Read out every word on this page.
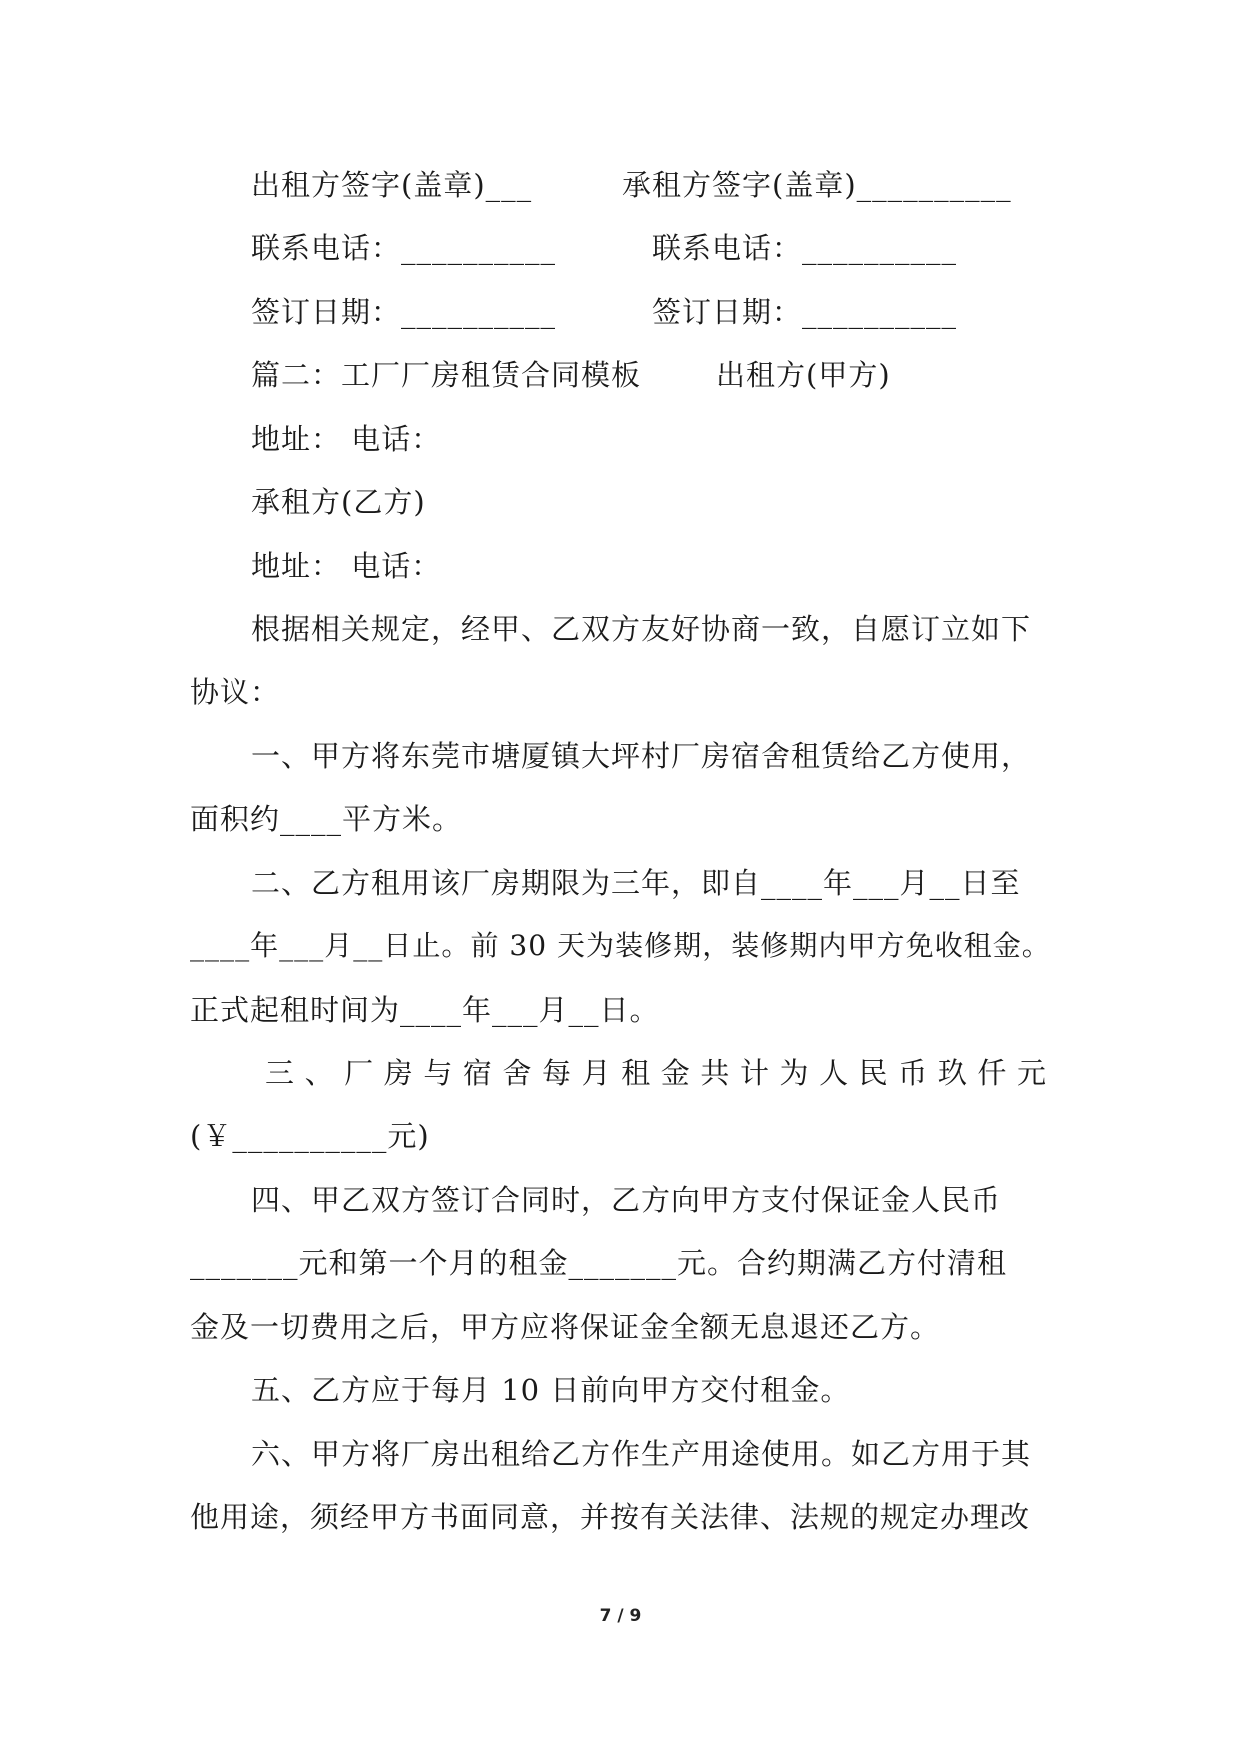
出租方签字(盖章)___	承租方签字(盖章)__________

联系电话：__________	联系电话：__________

签订日期：__________	签订日期：__________

篇二：工厂厂房租赁合同模板	出租方(甲方)

地址： 电话：

承租方(乙方)

地址： 电话：

根据相关规定，经甲、乙双方友好协商一致，自愿订立如下

协议：

一、甲方将东莞市塘厦镇大坪村厂房宿舍租赁给乙方使用，

面积约____平方米。

二、乙方租用该厂房期限为三年，即自____年___月__日至

____年___月__日止。前 30 天为装修期，装修期内甲方免收租金。

正式起租时间为____年___月__日。

三、厂房与宿舍每月租金共计为人民币玖仟元

(￥__________元)

四、甲乙双方签订合同时，乙方向甲方支付保证金人民币

_______元和第一个月的租金_______元。合约期满乙方付清租

金及一切费用之后，甲方应将保证金全额无息退还乙方。

五、乙方应于每月 10 日前向甲方交付租金。

六、甲方将厂房出租给乙方作生产用途使用。如乙方用于其

他用途，须经甲方书面同意，并按有关法律、法规的规定办理改

7 / 9
